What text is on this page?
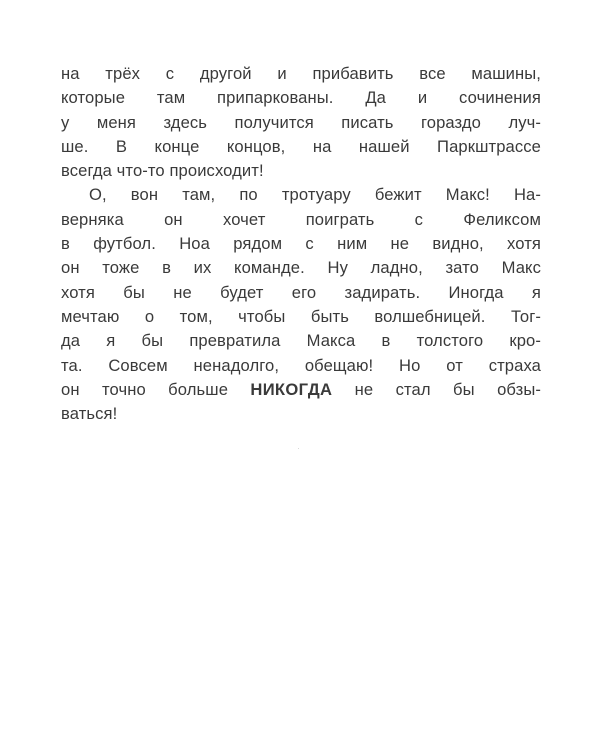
на трёх с другой и прибавить все машины,
которые там припаркованы. Да и сочинения
у меня здесь получится писать гораздо луч-
ше. В конце концов, на нашей Паркштрассе
всегда что-то происходит!
О, вон там, по тротуару бежит Макс! На-
верняка он хочет поиграть с Феликсом
в футбол. Ноа рядом с ним не видно, хотя
он тоже в их команде. Ну ладно, зато Макс
хотя бы не будет его задирать. Иногда я
мечтаю о том, чтобы быть волшебницей. Тог-
да я бы превратила Макса в толстого кро-
та. Совсем ненадолго, обещаю! Но от страха
он точно больше НИКОГДА не стал бы обзы-
ваться!
